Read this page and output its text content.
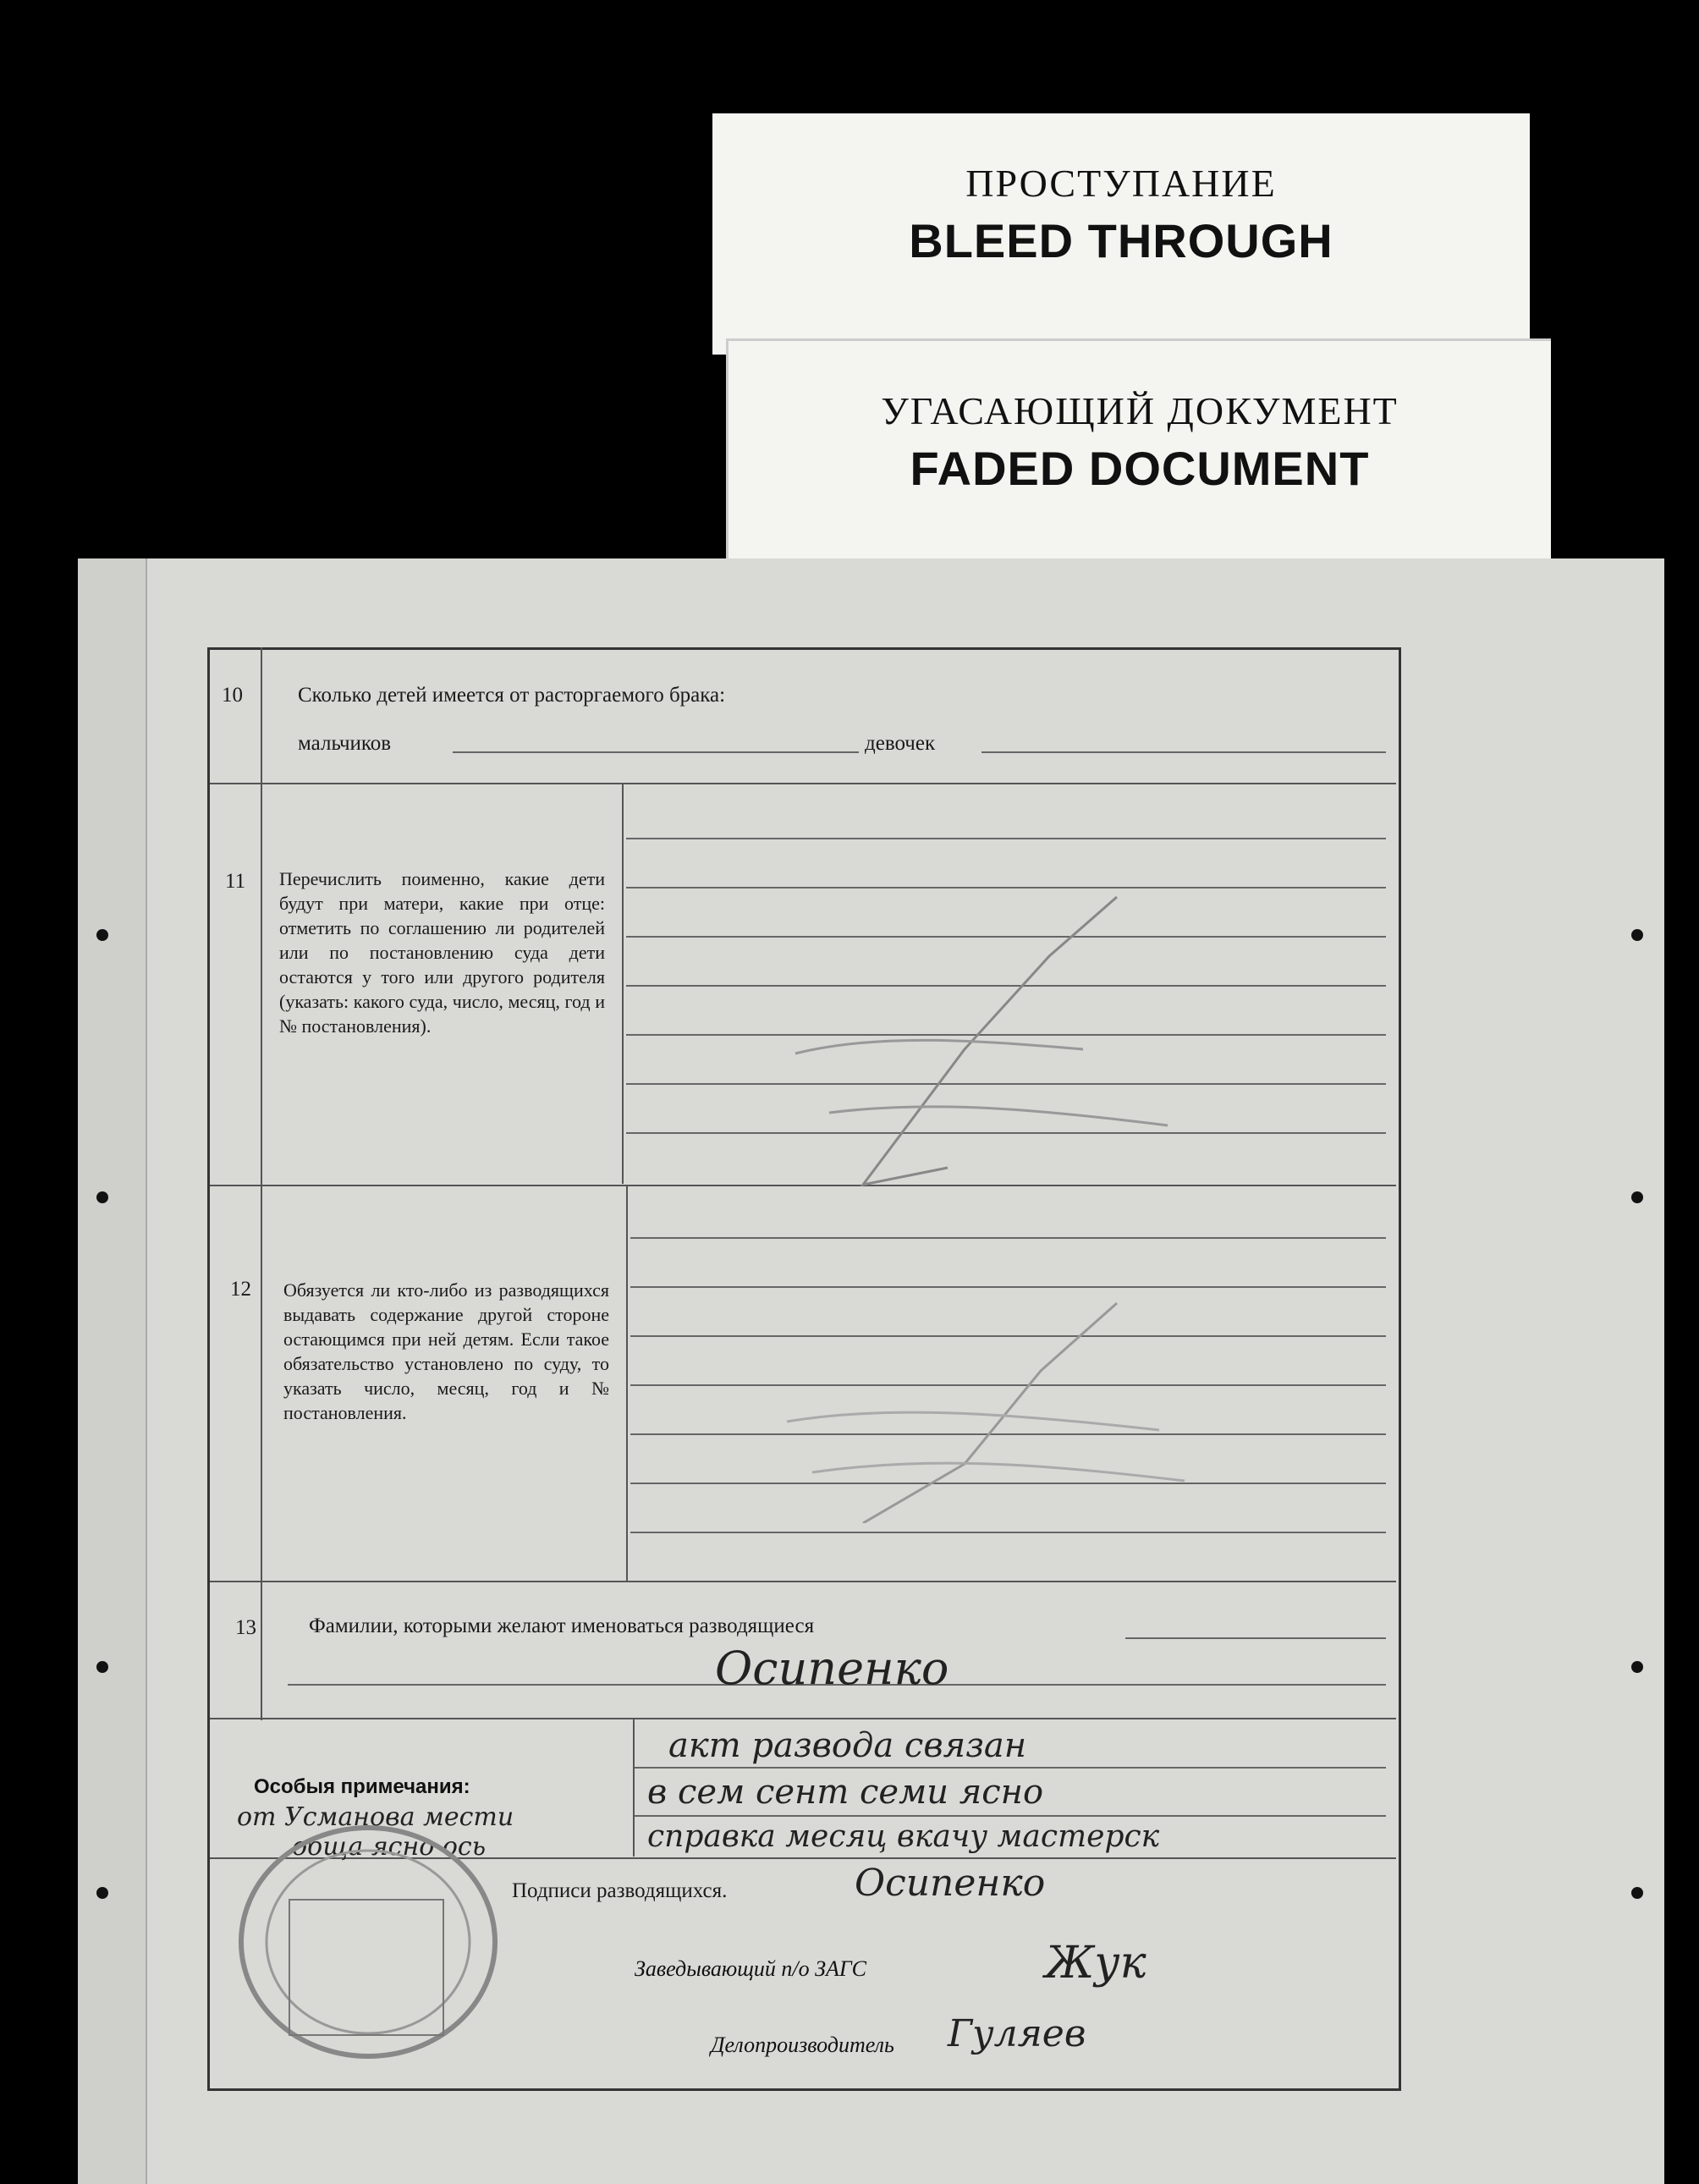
ПРОСТУПАНИЕ
BLEED THROUGH
УГАСАЮЩИЙ ДОКУМЕНТ
FADED DOCUMENT
10	Сколько детей имеется от расторгаемого брака:
мальчиков	девочек
11 Перечислить поименно, какие дети будут при матери, какие при отце: отметить по соглашению ли родителей или по постановлению суда дети остаются у того или другого родителя (указать: какого суда, число, месяц, год и № постановления).
12 Обязуется ли кто-либо из разводящихся выдавать содержание другой стороне остающимся при ней детям. Если такое обязательство установлено по суду, то указать число, месяц, год и № постановления.
13 Фамилии, которыми желают именоваться разводящиеся
Осипенко
Особыя примечания:
от Усманова мести
обща ясно ось
акт развода связан
в сем сент семи ясно
справка месяц вкачу мастерск
Подписи разводящихся.	Осипенко
Заведывающий п/о ЗАГС	Жук
Делопроизводитель Гуляев
